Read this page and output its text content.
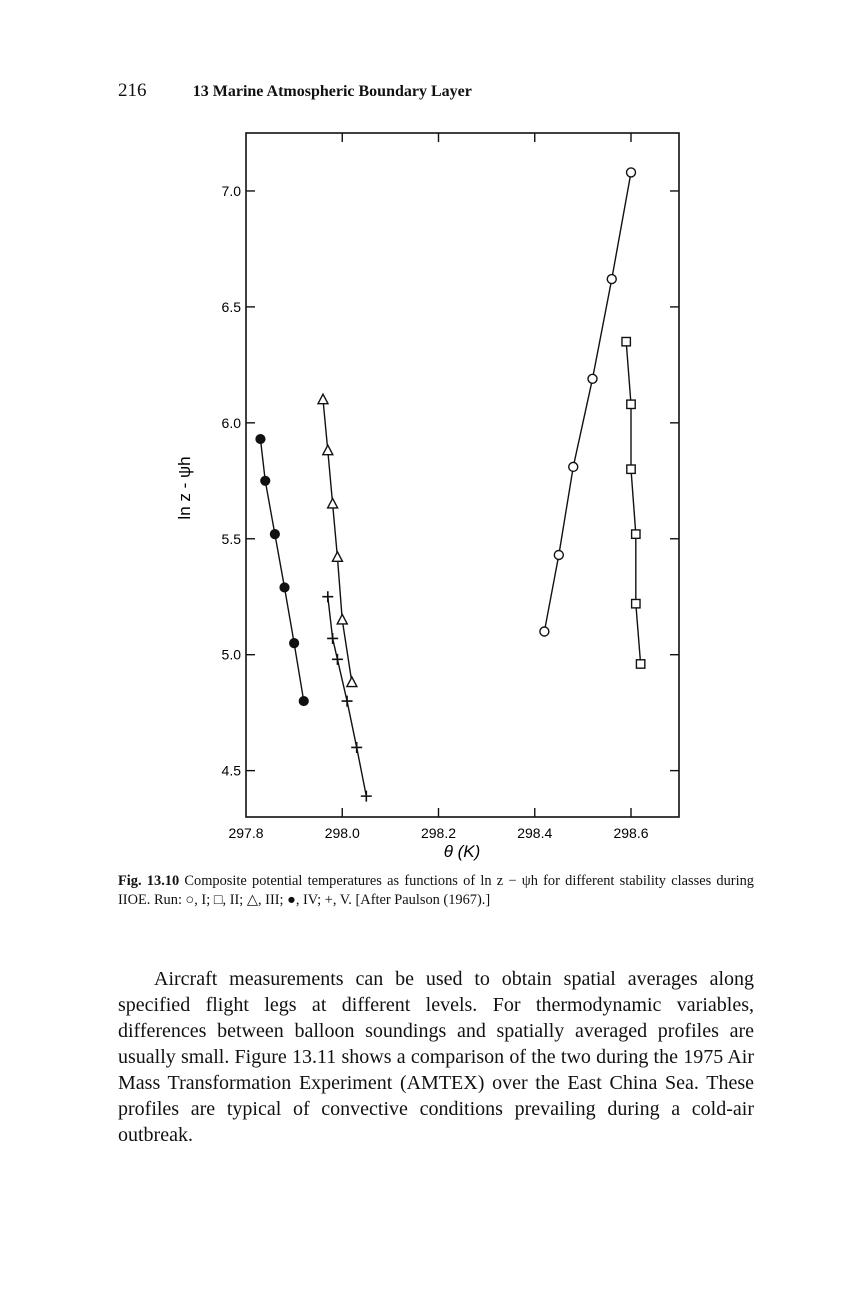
216	13 Marine Atmospheric Boundary Layer
297.8	298.0	298.2	298.4	298.6
4.5
5.0
5.5
6.0
6.5
7.0
θ (K)
ln z - ψh
Fig. 13.10 Composite potential temperatures as functions of ln z − ψh for different stability classes during IIOE. Run: ○, I; □, II; △, III; ●, IV; +, V. [After Paulson (1967).]

Aircraft measurements can be used to obtain spatial averages along specified flight legs at different levels. For thermodynamic variables, differences between balloon soundings and spatially averaged profiles are usually small. Figure 13.11 shows a comparison of the two during the 1975 Air Mass Transformation Experiment (AMTEX) over the East China Sea. These profiles are typical of convective conditions prevailing during a cold-air outbreak.
